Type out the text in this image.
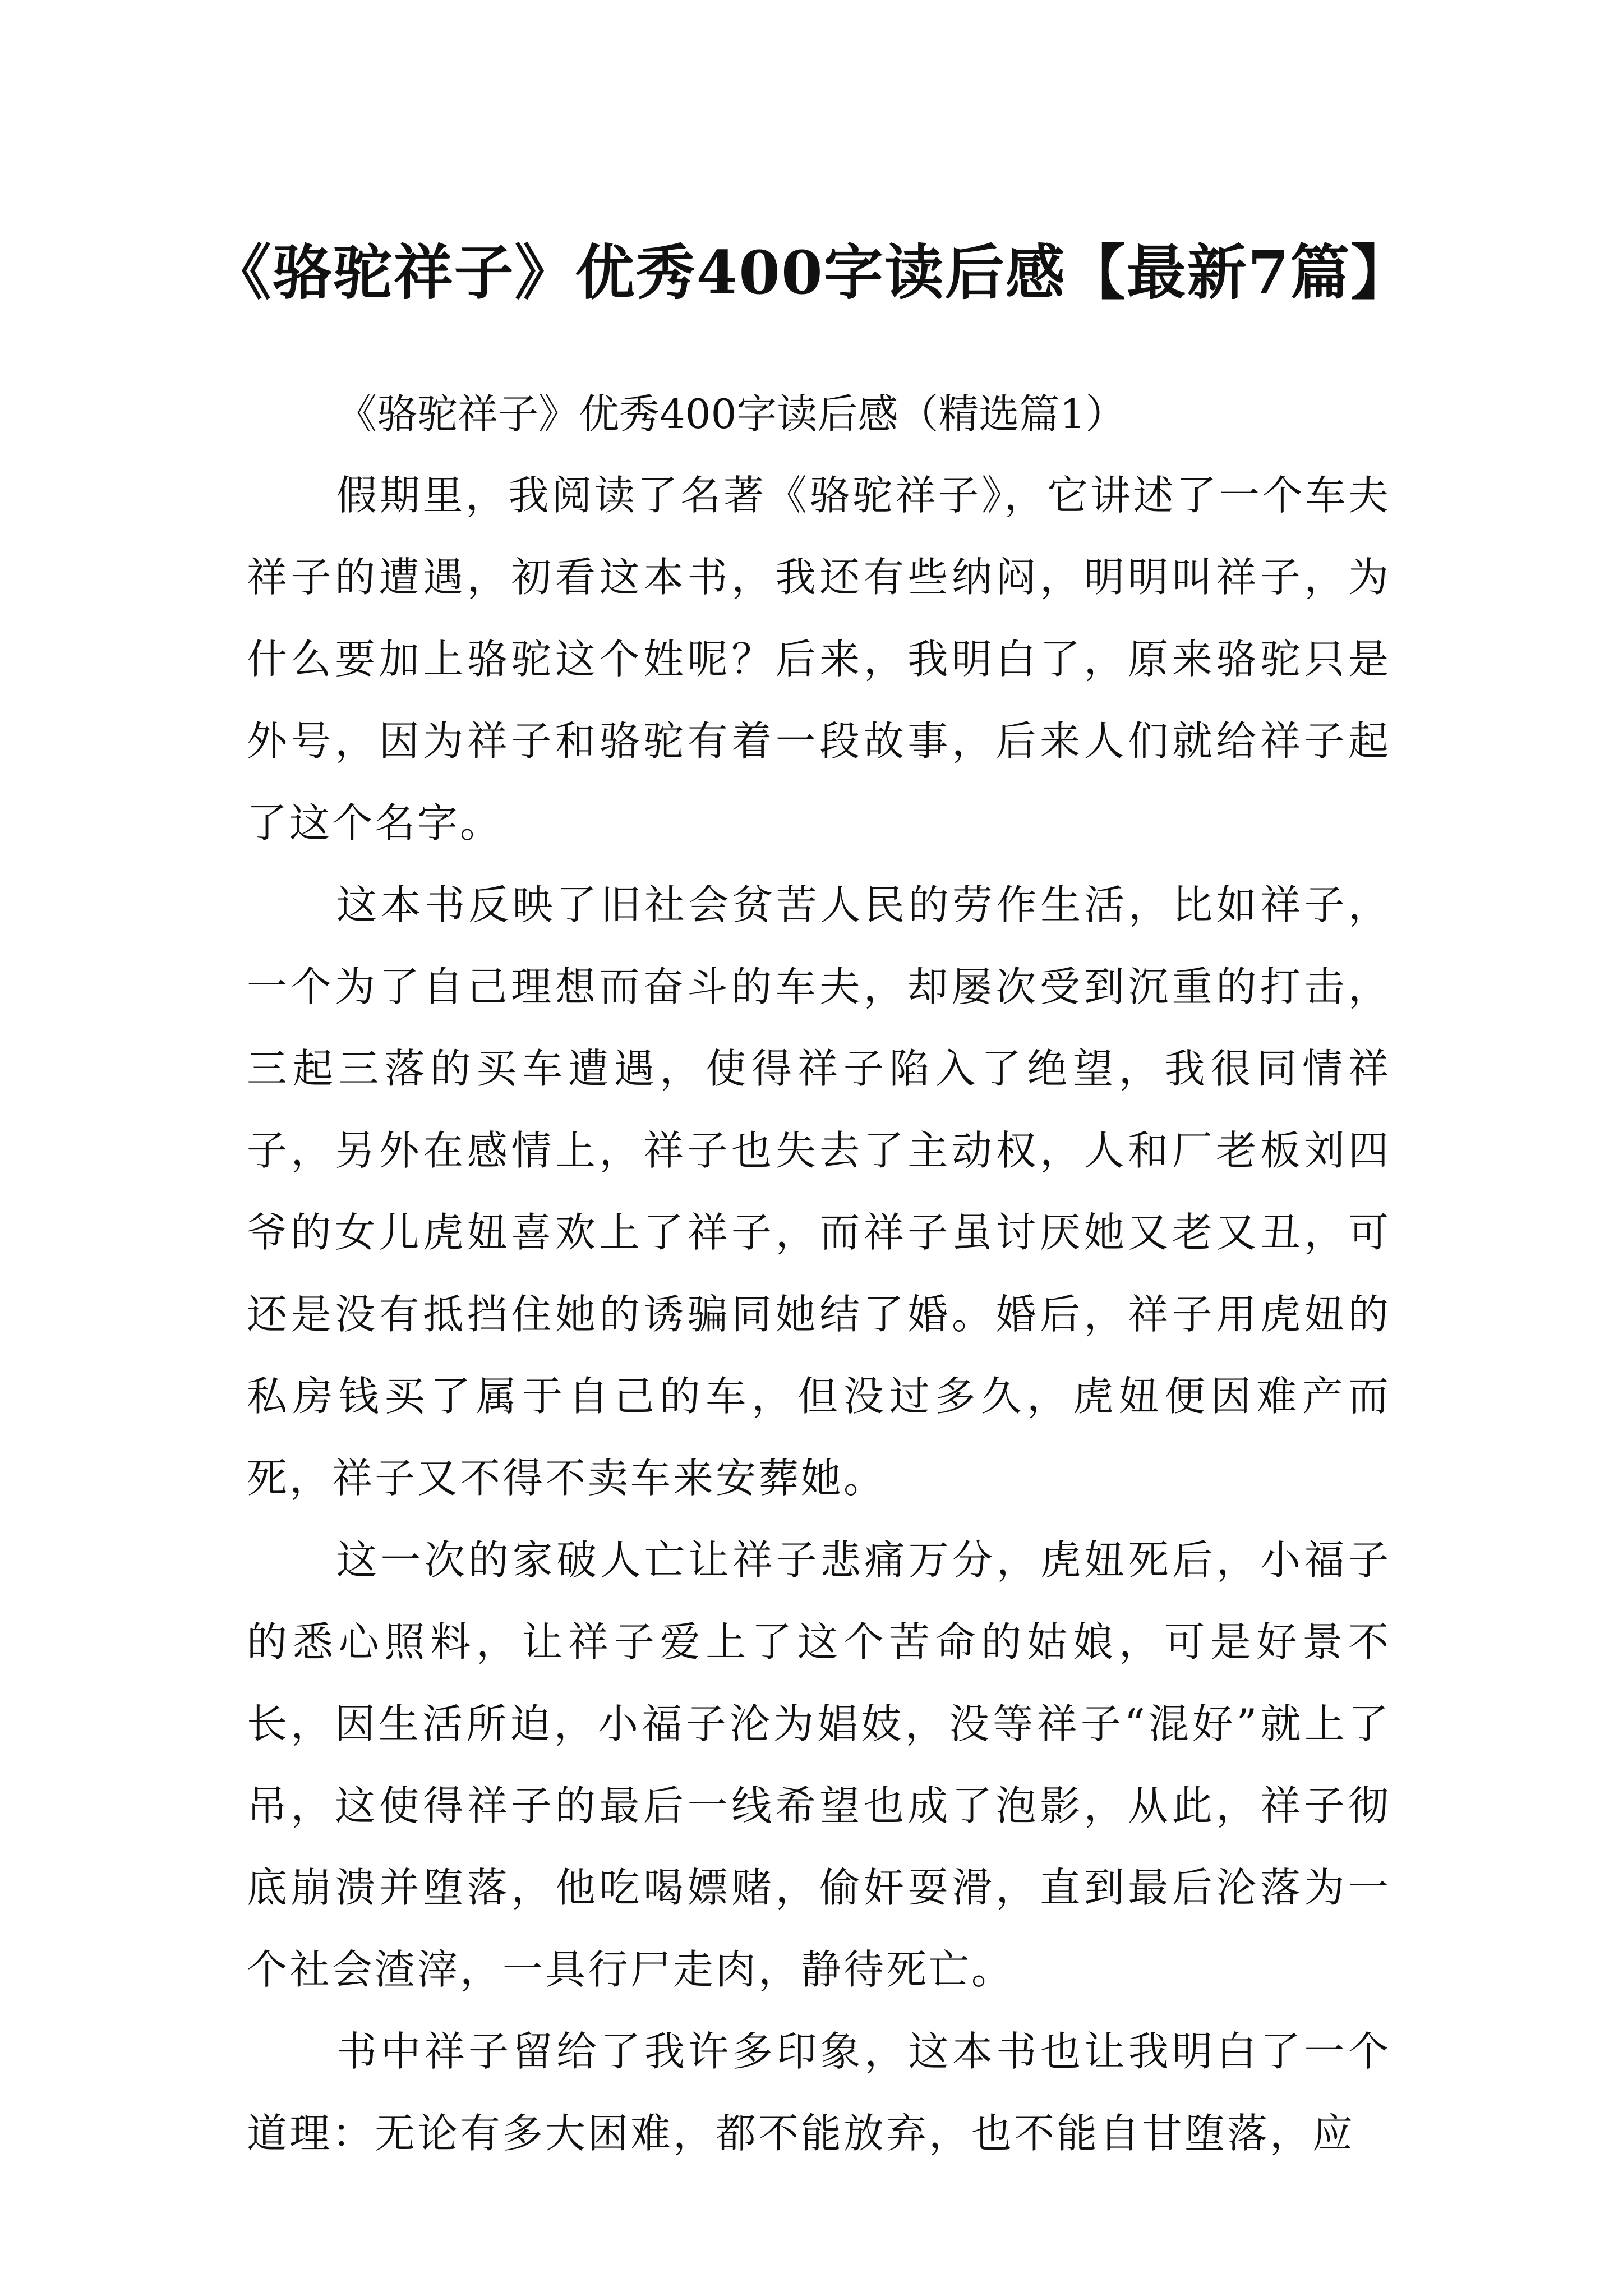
《骆驼祥子》优秀400字读后感【最新7篇】

《骆驼祥子》优秀400字读后感（精选篇1）

假期里，我阅读了名著《骆驼祥子》，它讲述了一个车夫祥子的遭遇，初看这本书，我还有些纳闷，明明叫祥子，为什么要加上骆驼这个姓呢？后来，我明白了，原来骆驼只是外号，因为祥子和骆驼有着一段故事，后来人们就给祥子起了这个名字。

这本书反映了旧社会贫苦人民的劳作生活，比如祥子，一个为了自己理想而奋斗的车夫，却屡次受到沉重的打击，三起三落的买车遭遇，使得祥子陷入了绝望，我很同情祥子，另外在感情上，祥子也失去了主动权，人和厂老板刘四爷的女儿虎妞喜欢上了祥子，而祥子虽讨厌她又老又丑，可还是没有抵挡住她的诱骗同她结了婚。婚后，祥子用虎妞的私房钱买了属于自己的车，但没过多久，虎妞便因难产而死，祥子又不得不卖车来安葬她。

这一次的家破人亡让祥子悲痛万分，虎妞死后，小福子的悉心照料，让祥子爱上了这个苦命的姑娘，可是好景不长，因生活所迫，小福子沦为娼妓，没等祥子“混好”就上了吊，这使得祥子的最后一线希望也成了泡影，从此，祥子彻底崩溃并堕落，他吃喝嫖赌，偷奸耍滑，直到最后沦落为一个社会渣滓，一具行尸走肉，静待死亡。

书中祥子留给了我许多印象，这本书也让我明白了一个道理：无论有多大困难，都不能放弃，也不能自甘堕落，应
